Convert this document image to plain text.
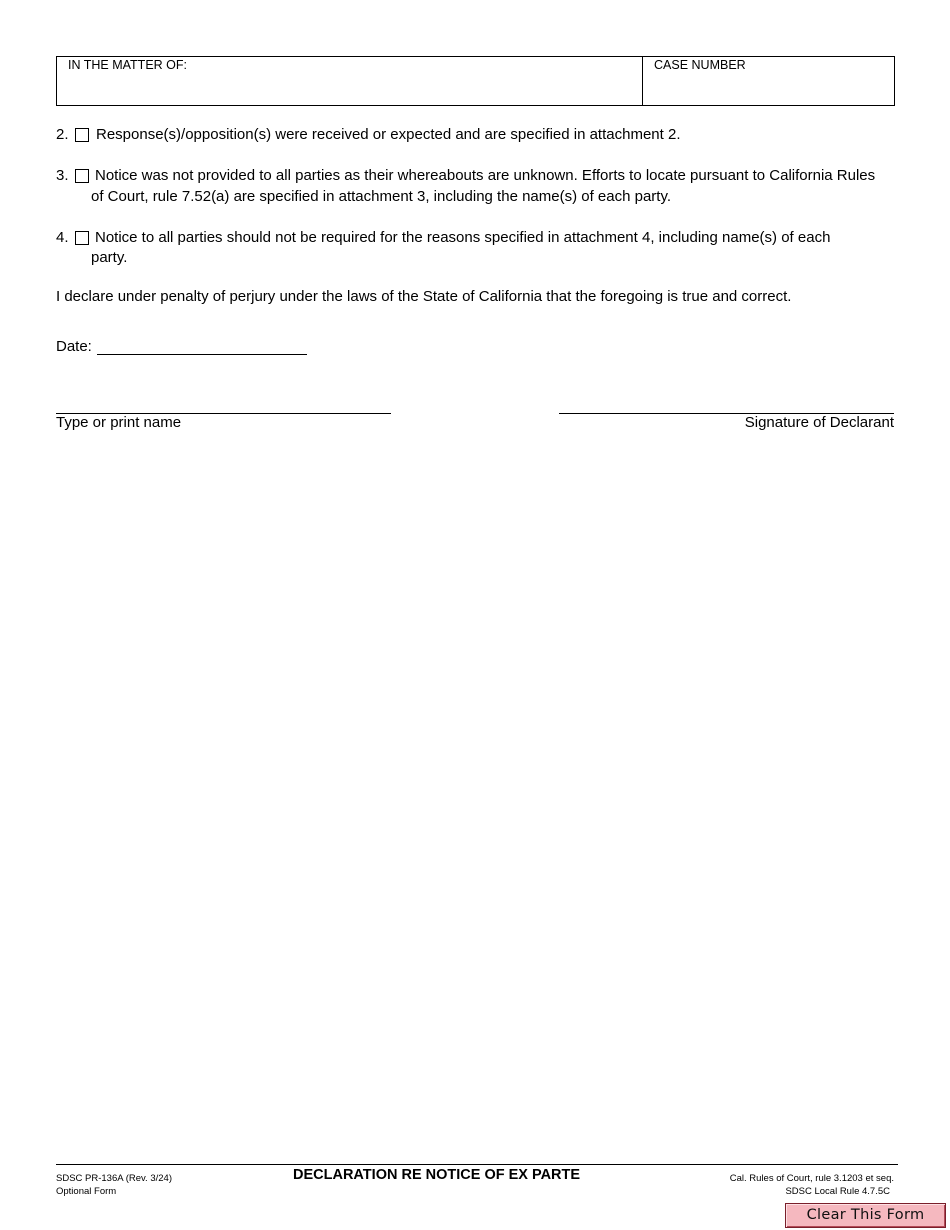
IN THE MATTER OF:	CASE NUMBER
2. Response(s)/opposition(s) were received or expected and are specified in attachment 2.
3. Notice was not provided to all parties as their whereabouts are unknown. Efforts to locate pursuant to California Rules
of Court, rule 7.52(a) are specified in attachment 3, including the name(s) of each party.
4. Notice to all parties should not be required for the reasons specified in attachment 4, including name(s) of each
party.
I declare under penalty of perjury under the laws of the State of California that the foregoing is true and correct.
Date:
Type or print name	Signature of Declarant
SDSC PR-136A (Rev. 3/24)
Optional Form
DECLARATION RE NOTICE OF EX PARTE	Cal. Rules of Court, rule 3.1203 et seq.
SDSC Local Rule 4.7.5C
Clear This Form
